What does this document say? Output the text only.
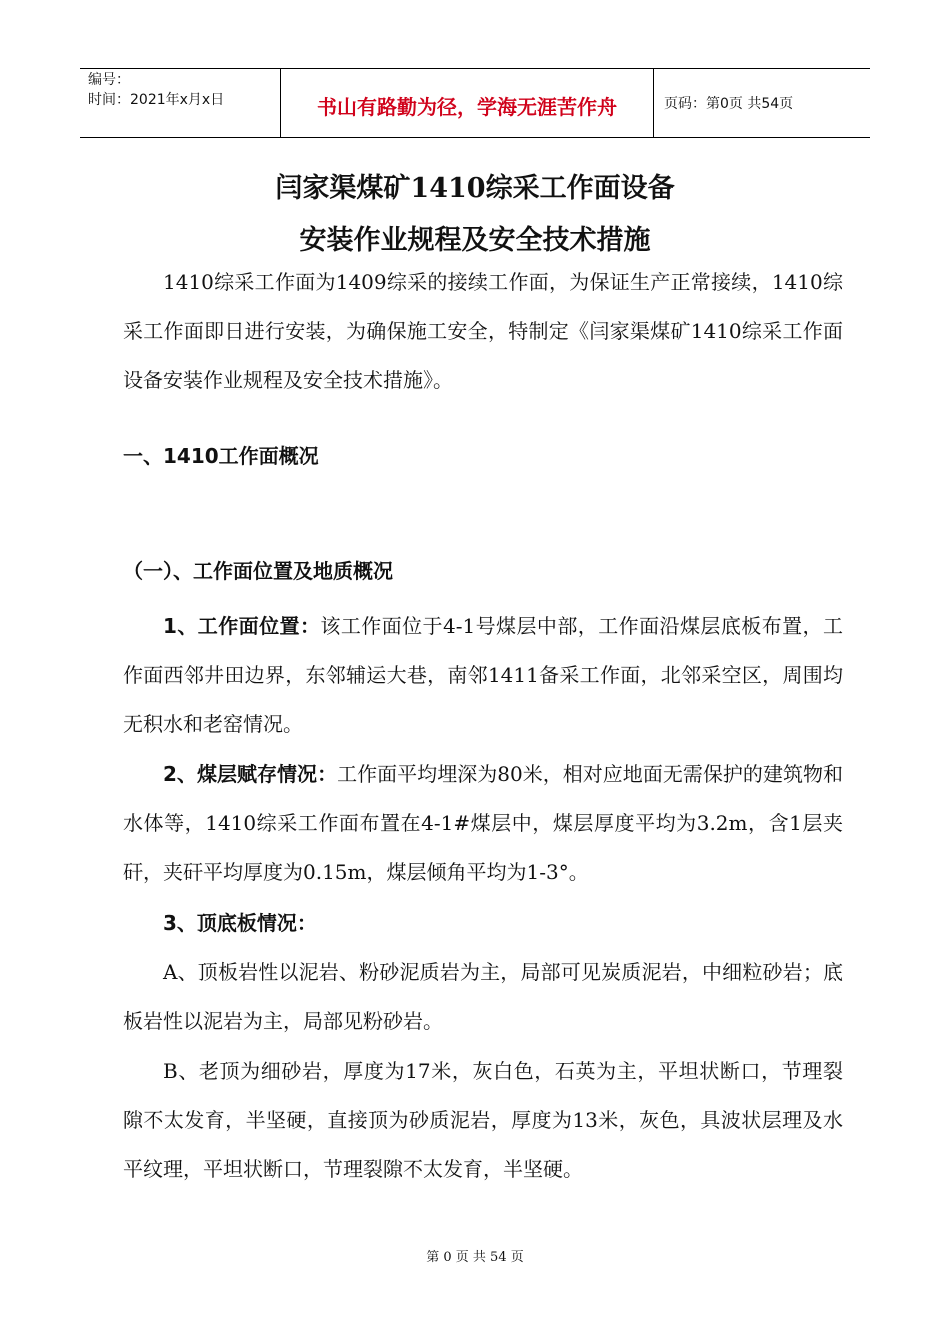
编号：
时间：2021年x月x日	书山有路勤为径，学海无涯苦作舟	页码：第0页 共54页
闫家渠煤矿1410综采工作面设备
安装作业规程及安全技术措施

1410综采工作面为1409综采的接续工作面，为保证生产正常接续，1410综采工作面即日进行安装，为确保施工安全，特制定《闫家渠煤矿1410综采工作面设备安装作业规程及安全技术措施》。

一、1410工作面概况
（一）、工作面位置及地质概况

1、工作面位置：该工作面位于4-1号煤层中部，工作面沿煤层底板布置，工作面西邻井田边界，东邻辅运大巷，南邻1411备采工作面，北邻采空区，周围均无积水和老窑情况。

2、煤层赋存情况：工作面平均埋深为80米，相对应地面无需保护的建筑物和水体等，1410综采工作面布置在4-1#煤层中，煤层厚度平均为3.2m，含1层夹矸，夹矸平均厚度为0.15m，煤层倾角平均为1-3°。

3、顶底板情况：

A、顶板岩性以泥岩、粉砂泥质岩为主，局部可见炭质泥岩，中细粒砂岩；底板岩性以泥岩为主，局部见粉砂岩。

B、老顶为细砂岩，厚度为17米，灰白色，石英为主，平坦状断口，节理裂隙不太发育，半坚硬，直接顶为砂质泥岩，厚度为13米，灰色，具波状层理及水平纹理，平坦状断口，节理裂隙不太发育，半坚硬。

第 0 页 共 54 页
